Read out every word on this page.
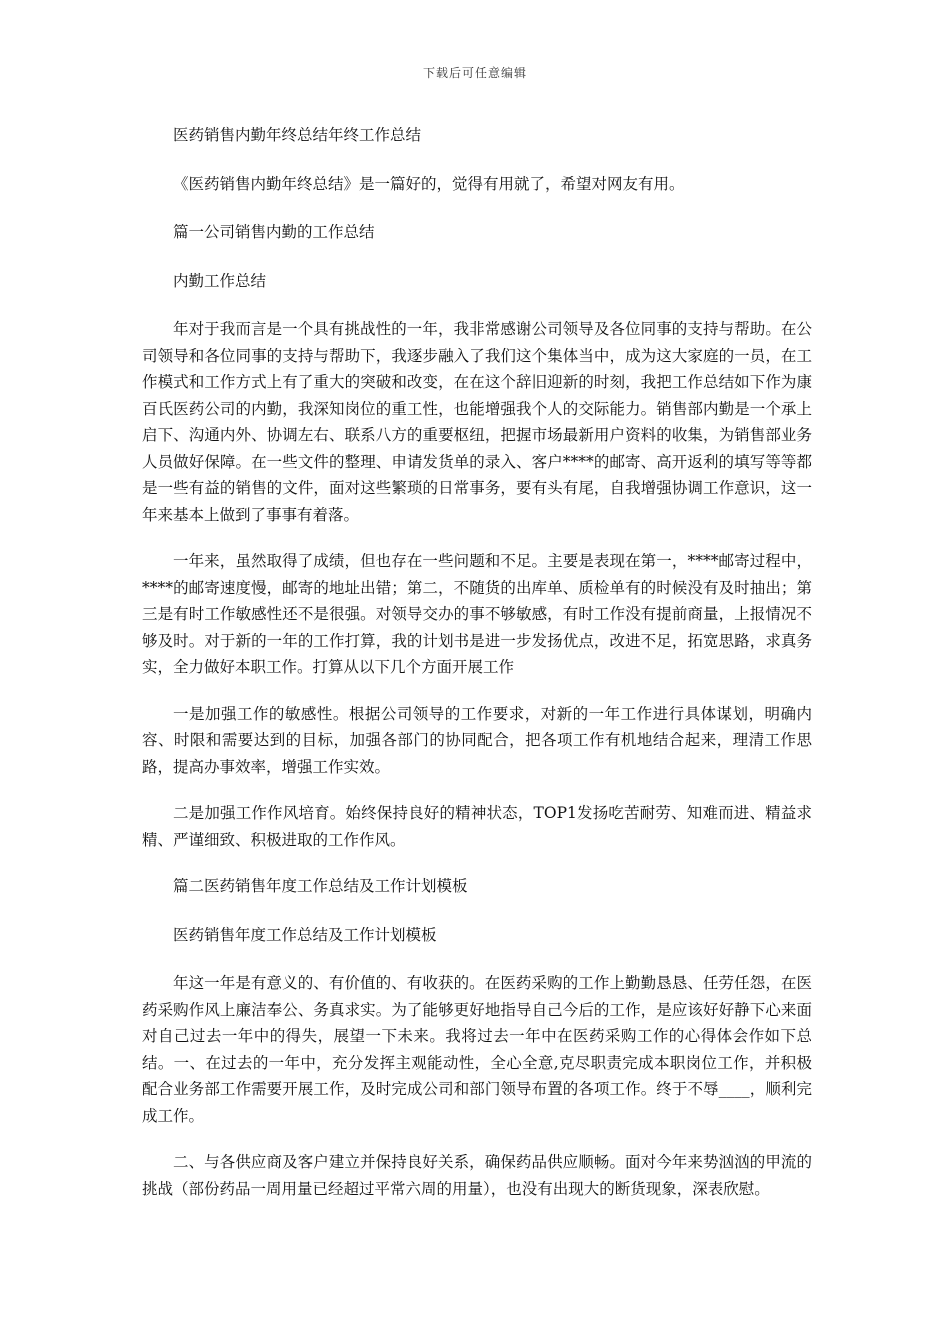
下载后可任意编辑

医药销售内勤年终总结年终工作总结

《医药销售内勤年终总结》是一篇好的，觉得有用就了，希望对网友有用。

篇一公司销售内勤的工作总结

内勤工作总结

年对于我而言是一个具有挑战性的一年，我非常感谢公司领导及各位同事的支持与帮助。在公司领导和各位同事的支持与帮助下，我逐步融入了我们这个集体当中，成为这大家庭的一员，在工作模式和工作方式上有了重大的突破和改变，在在这个辞旧迎新的时刻，我把工作总结如下作为康百氏医药公司的内勤，我深知岗位的重工性，也能增强我个人的交际能力。销售部内勤是一个承上启下、沟通内外、协调左右、联系八方的重要枢纽，把握市场最新用户资料的收集，为销售部业务人员做好保障。在一些文件的整理、申请发货单的录入、客户****的邮寄、高开返利的填写等等都是一些有益的销售的文件，面对这些繁琐的日常事务，要有头有尾，自我增强协调工作意识，这一年来基本上做到了事事有着落。

一年来，虽然取得了成绩，但也存在一些问题和不足。主要是表现在第一，****邮寄过程中，****的邮寄速度慢，邮寄的地址出错；第二，不随货的出库单、质检单有的时候没有及时抽出；第三是有时工作敏感性还不是很强。对领导交办的事不够敏感，有时工作没有提前商量，上报情况不够及时。对于新的一年的工作打算，我的计划书是进一步发扬优点，改进不足，拓宽思路，求真务实，全力做好本职工作。打算从以下几个方面开展工作

一是加强工作的敏感性。根据公司领导的工作要求，对新的一年工作进行具体谋划，明确内容、时限和需要达到的目标，加强各部门的协同配合，把各项工作有机地结合起来，理清工作思路，提高办事效率，增强工作实效。

二是加强工作作风培育。始终保持良好的精神状态，TOP1发扬吃苦耐劳、知难而进、精益求精、严谨细致、积极进取的工作作风。

篇二医药销售年度工作总结及工作计划模板

医药销售年度工作总结及工作计划模板

年这一年是有意义的、有价值的、有收获的。在医药采购的工作上勤勤恳恳、任劳任怨，在医药采购作风上廉洁奉公、务真求实。为了能够更好地指导自己今后的工作，是应该好好静下心来面对自己过去一年中的得失，展望一下未来。我将过去一年中在医药采购工作的心得体会作如下总结。一、在过去的一年中，充分发挥主观能动性，全心全意,克尽职责完成本职岗位工作，并积极配合业务部工作需要开展工作，及时完成公司和部门领导布置的各项工作。终于不辱____，顺利完成工作。

二、与各供应商及客户建立并保持良好关系，确保药品供应顺畅。面对今年来势汹汹的甲流的挑战（部份药品一周用量已经超过平常六周的用量），也没有出现大的断货现象，深表欣慰。
